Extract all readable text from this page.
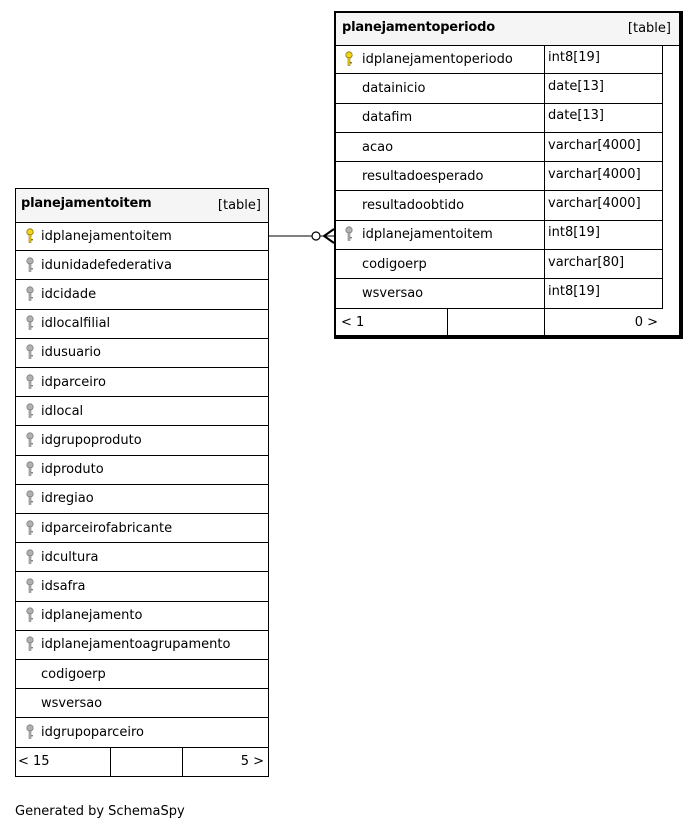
planejamentoperiodo	[table]
idplanejamentoperiodo	int8[19]
datainicio	date[13]
datafim	date[13]
acao	varchar[4000]
resultadoesperado	varchar[4000]
resultadoobtido	varchar[4000]
idplanejamentoitem	int8[19]
codigoerp	varchar[80]
wsversao	int8[19]
< 1	0 >
planejamentoitem	[table]
idplanejamentoitem
idunidadefederativa
idcidade
idlocalfilial
idusuario
idparceiro
idlocal
idgrupoproduto
idproduto
idregiao
idparceirofabricante
idcultura
idsafra
idplanejamento
idplanejamentoagrupamento
codigoerp
wsversao
idgrupoparceiro
< 15	5 >
Generated by SchemaSpy
